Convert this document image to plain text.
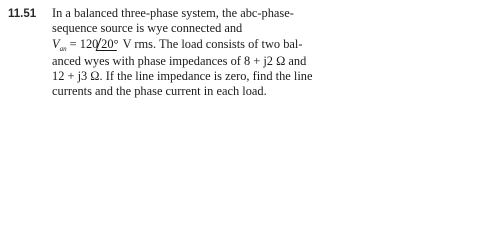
11.51 In a balanced three-phase system, the abc-phase-
sequence source is wye connected and
$V_{an} = 120$ 20° V rms. The load consists of two bal-
anced wyes with phase impedances of 8 + j2 Ω and
12 + j3 Ω. If the line impedance is zero, find the line
currents and the phase current in each load.
